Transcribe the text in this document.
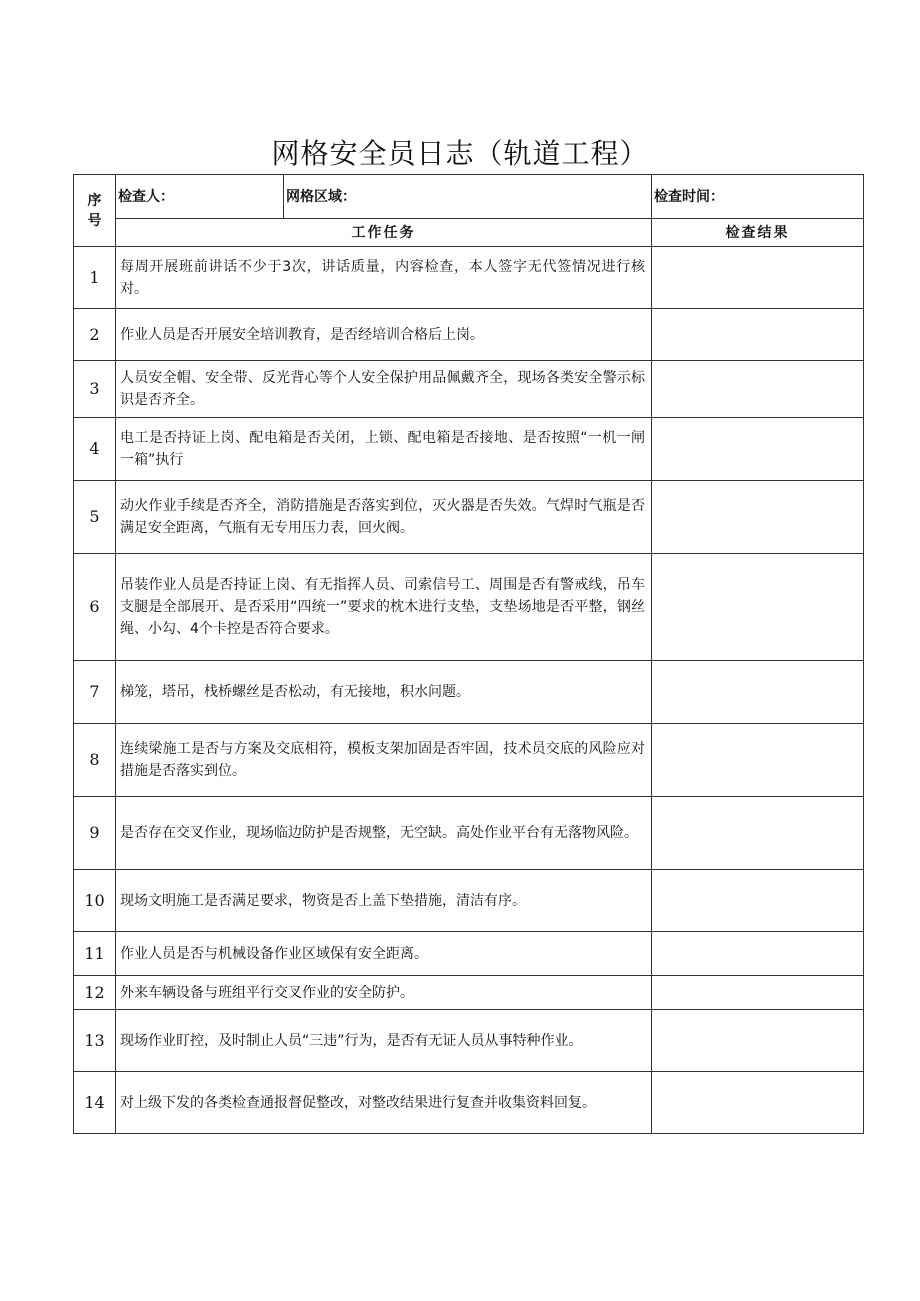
网格安全员日志（轨道工程）
序
号	检查人：	网格区域：	检查时间：
	工作任务		检查结果
1	每周开展班前讲话不少于3次，讲话质量，内容检查，本人签字无代签情况进行核对。		
2	作业人员是否开展安全培训教育，是否经培训合格后上岗。		
3	人员安全帽、安全带、反光背心等个人安全保护用品佩戴齐全，现场各类安全警示标识是否齐全。		
4	电工是否持证上岗、配电箱是否关闭，上锁、配电箱是否接地、是否按照“一机一闸一箱”执行		
5	动火作业手续是否齐全，消防措施是否落实到位，灭火器是否失效。气焊时气瓶是否满足安全距离，气瓶有无专用压力表，回火阀。		
6	吊装作业人员是否持证上岗、有无指挥人员、司索信号工、周围是否有警戒线，吊车支腿是全部展开、是否采用“四统一”要求的枕木进行支垫，支垫场地是否平整，钢丝绳、小勾、4个卡控是否符合要求。		
7	梯笼，塔吊，栈桥螺丝是否松动，有无接地，积水问题。		
8	连续梁施工是否与方案及交底相符，模板支架加固是否牢固，技术员交底的风险应对措施是否落实到位。		
9	是否存在交叉作业，现场临边防护是否规整，无空缺。高处作业平台有无落物风险。		
10	现场文明施工是否满足要求，物资是否上盖下垫措施，清洁有序。		
11	作业人员是否与机械设备作业区域保有安全距离。		
12	外来车辆设备与班组平行交叉作业的安全防护。		
13	现场作业盯控，及时制止人员“三违”行为，是否有无证人员从事特种作业。		
14	对上级下发的各类检查通报督促整改，对整改结果进行复查并收集资料回复。		
